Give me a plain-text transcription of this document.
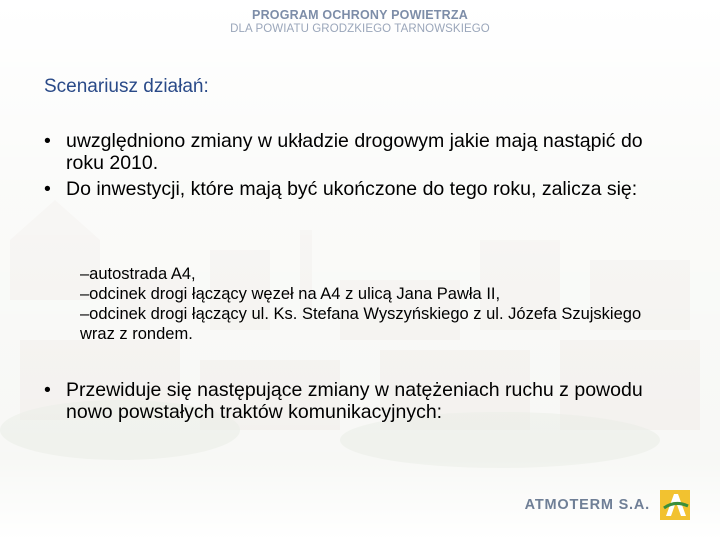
PROGRAM OCHRONY POWIETRZA
DLA POWIATU GRODZKIEGO TARNOWSKIEGO
Scenariusz działań:
• uwzględniono zmiany w układzie drogowym jakie mają nastąpić do roku 2010.
• Do inwestycji, które mają być ukończone do tego roku, zalicza się:
–autostrada A4,
–odcinek drogi łączący węzeł na A4 z ulicą Jana Pawła II,
–odcinek drogi łączący ul. Ks. Stefana Wyszyńskiego z ul. Józefa Szujskiego wraz z rondem.
• Przewiduje się następujące zmiany w natężeniach ruchu z powodu nowo powstałych traktów komunikacyjnych:
ATMOTERM S.A.
